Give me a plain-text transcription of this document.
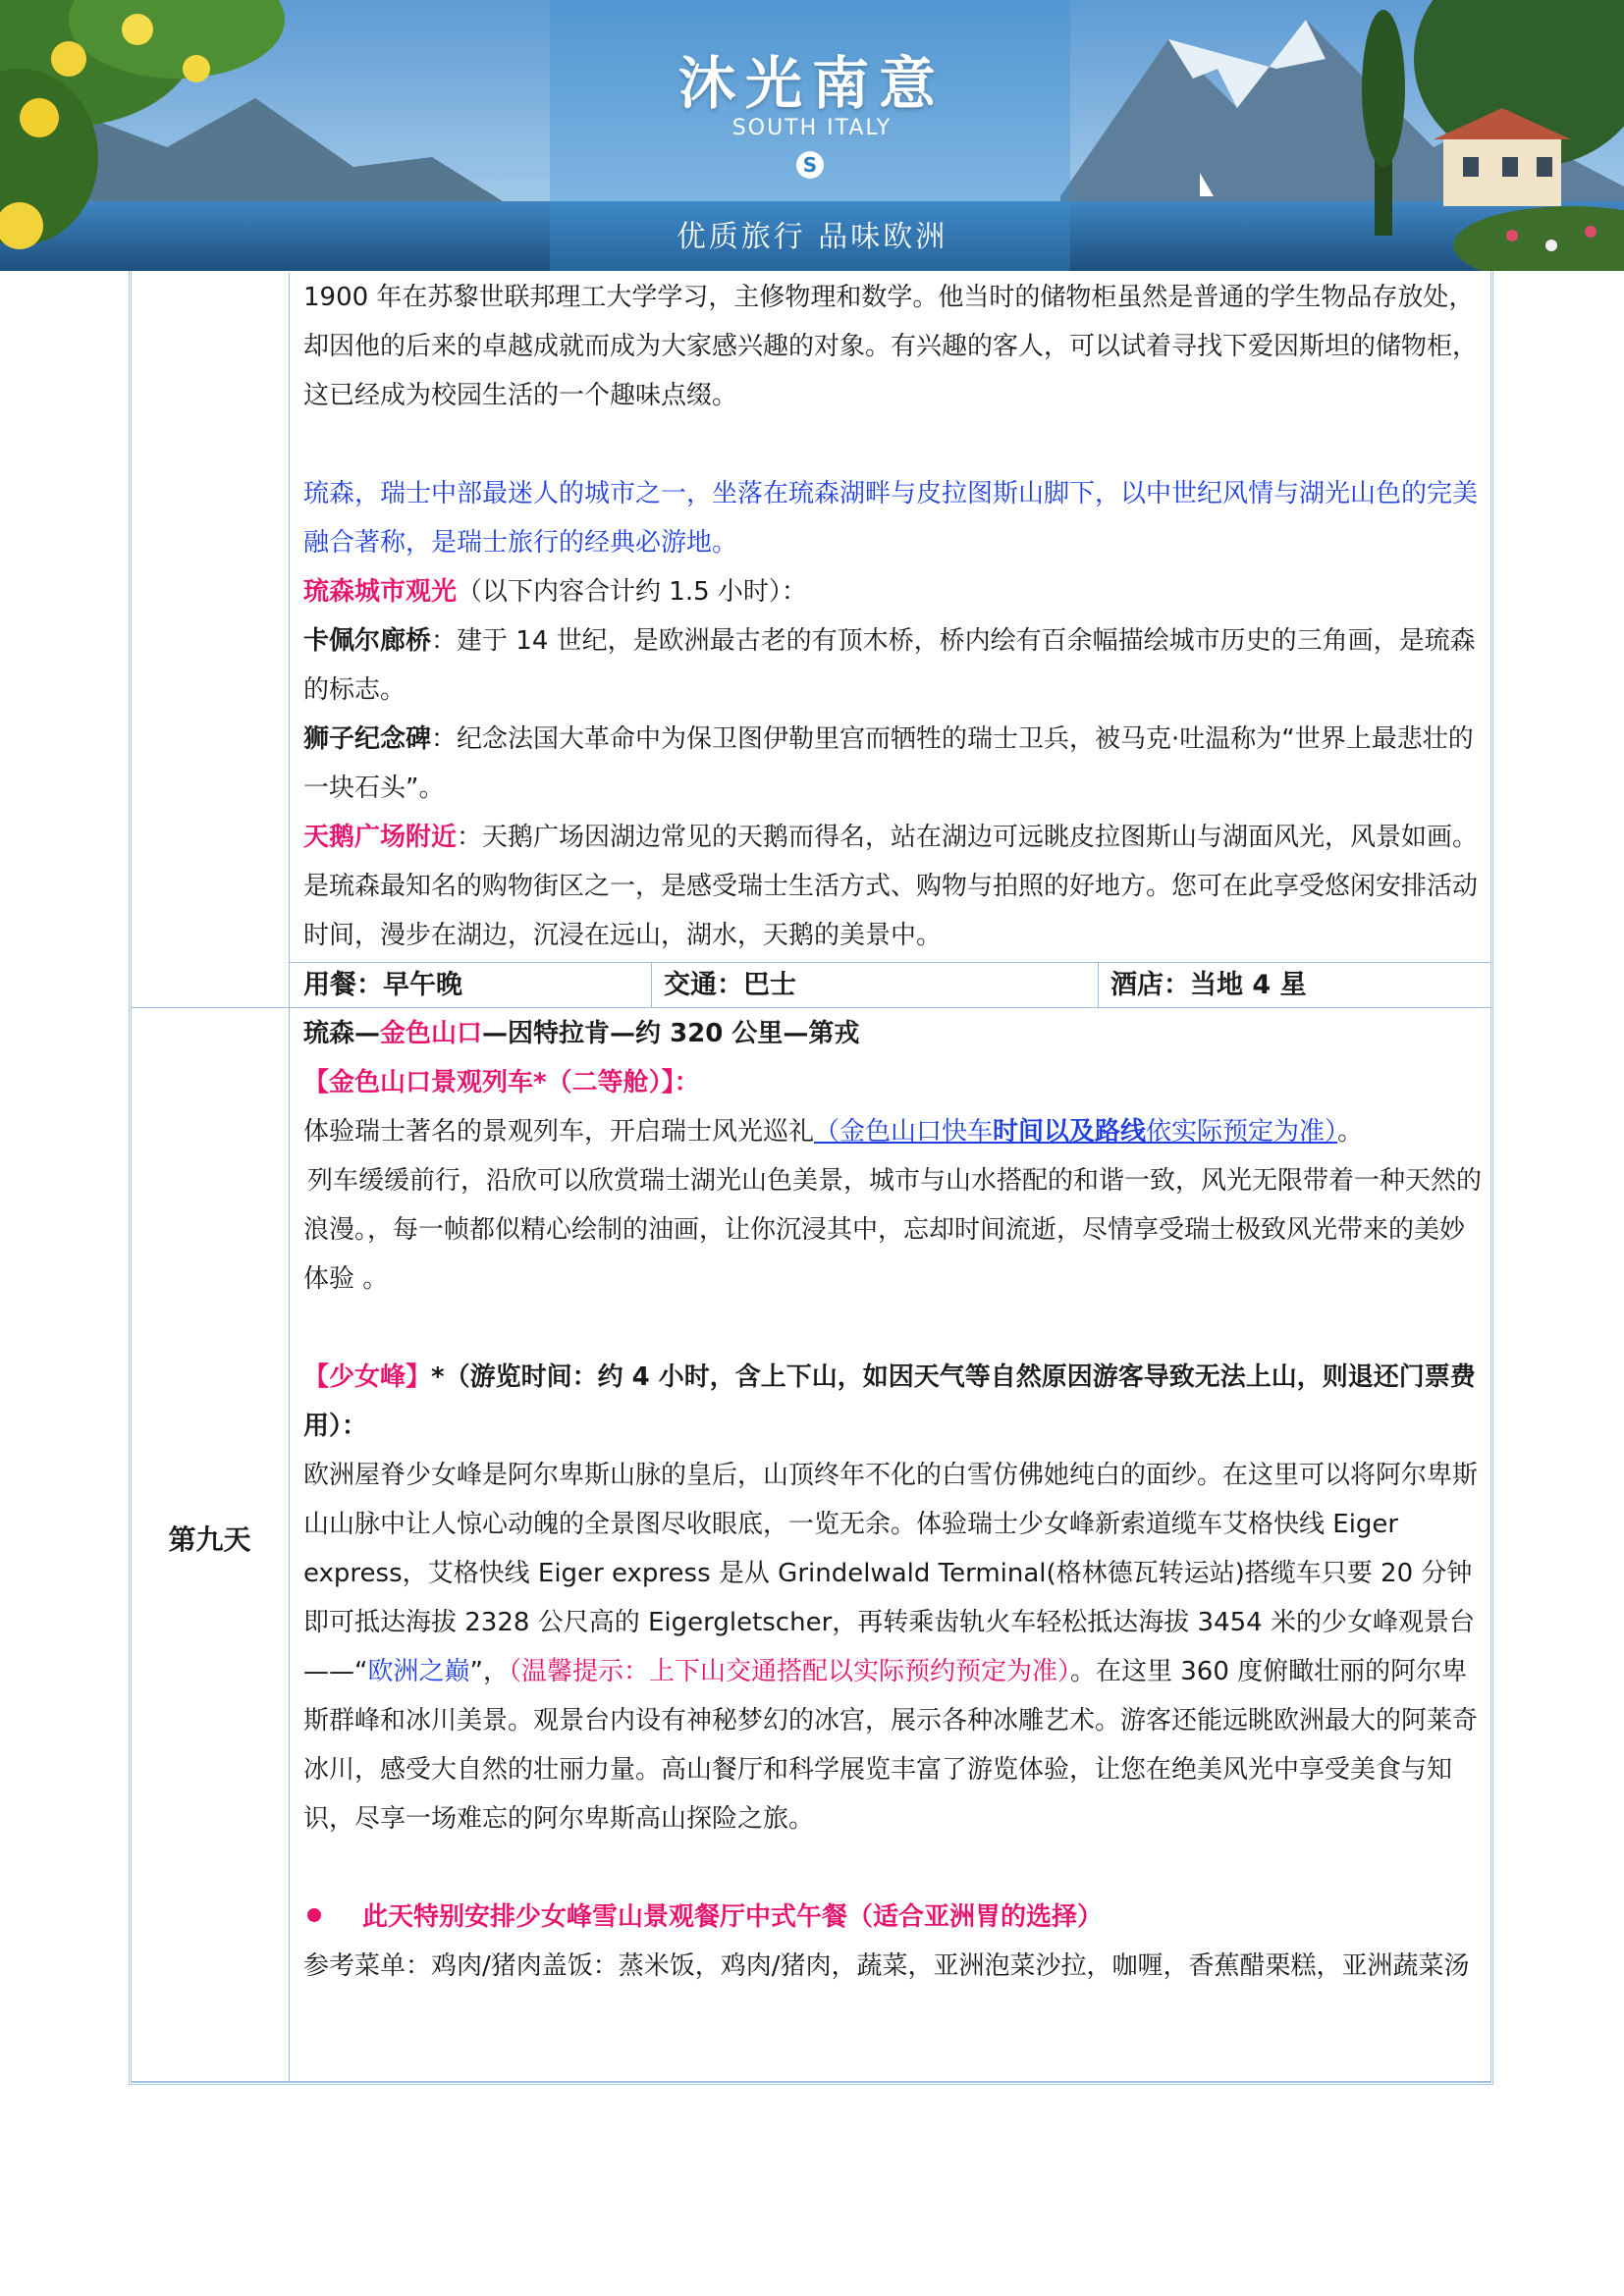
沐光南意
SOUTH ITALY
S
优质旅行 品味欧洲

1900 年在苏黎世联邦理工大学学习，主修物理和数学。他当时的储物柜虽然是普通的学生物品存放处，却因他的后来的卓越成就而成为大家感兴趣的对象。有兴趣的客人，可以试着寻找下爱因斯坦的储物柜，这已经成为校园生活的一个趣味点缀。

琉森，瑞士中部最迷人的城市之一，坐落在琉森湖畔与皮拉图斯山脚下，以中世纪风情与湖光山色的完美融合著称，是瑞士旅行的经典必游地。

琉森城市观光（以下内容合计约 1.5 小时）：

卡佩尔廊桥：建于 14 世纪，是欧洲最古老的有顶木桥，桥内绘有百余幅描绘城市历史的三角画，是琉森的标志。

狮子纪念碑：纪念法国大革命中为保卫图伊勒里宫而牺牲的瑞士卫兵，被马克·吐温称为“世界上最悲壮的一块石头”。

天鹅广场附近：天鹅广场因湖边常见的天鹅而得名，站在湖边可远眺皮拉图斯山与湖面风光，风景如画。是琉森最知名的购物街区之一，是感受瑞士生活方式、购物与拍照的好地方。您可在此享受悠闲安排活动时间，漫步在湖边，沉浸在远山，湖水，天鹅的美景中。

用餐：早午晚	交通：巴士	酒店：当地 4 星
第九天

琉森—金色山口—因特拉肯—约 320 公里—第戎

【金色山口景观列车*（二等舱）】：

体验瑞士著名的景观列车，开启瑞士风光巡礼（金色山口快车时间以及路线依实际预定为准）。
列车缓缓前行，沿欣可以欣赏瑞士湖光山色美景，城市与山水搭配的和谐一致，风光无限带着一种天然的浪漫。，每一帧都似精心绘制的油画，让你沉浸其中，忘却时间流逝，尽情享受瑞士极致风光带来的美妙体验 。

【少女峰】*（游览时间：约 4 小时，含上下山，如因天气等自然原因游客导致无法上山，则退还门票费用）：

欧洲屋脊少女峰是阿尔卑斯山脉的皇后，山顶终年不化的白雪仿佛她纯白的面纱。在这里可以将阿尔卑斯山山脉中让人惊心动魄的全景图尽收眼底，一览无余。体验瑞士少女峰新索道缆车艾格快线 Eiger express，艾格快线 Eiger express 是从 Grindelwald Terminal(格林德瓦转运站)搭缆车只要 20 分钟即可抵达海拔 2328 公尺高的 Eigergletscher，再转乘齿轨火车轻松抵达海拔 3454 米的少女峰观景台——“欧洲之巅”，（温馨提示：上下山交通搭配以实际预约预定为准）。在这里 360 度俯瞰壮丽的阿尔卑斯群峰和冰川美景。观景台内设有神秘梦幻的冰宫，展示各种冰雕艺术。游客还能远眺欧洲最大的阿莱奇冰川，感受大自然的壮丽力量。高山餐厅和科学展览丰富了游览体验，让您在绝美风光中享受美食与知识，尽享一场难忘的阿尔卑斯高山探险之旅。

此天特别安排少女峰雪山景观餐厅中式午餐（适合亚洲胃的选择）

参考菜单：鸡肉/猪肉盖饭：蒸米饭，鸡肉/猪肉，蔬菜，亚洲泡菜沙拉，咖喱，香蕉醋栗糕，亚洲蔬菜汤
